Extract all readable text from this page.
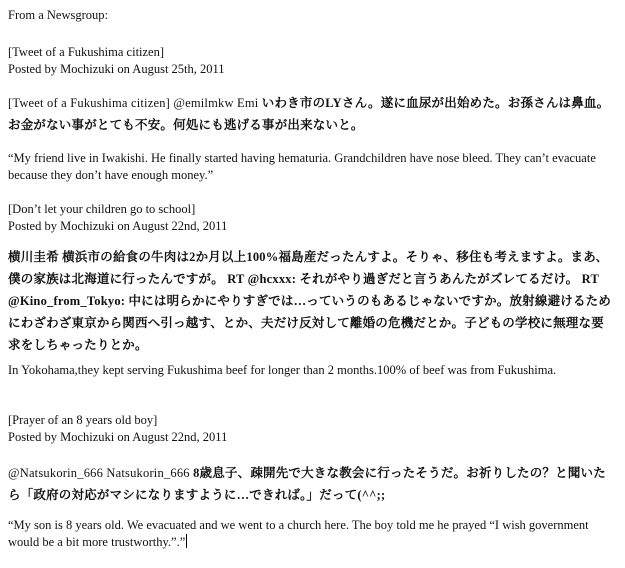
From a Newsgroup:

[Tweet of a Fukushima citizen]
Posted by Mochizuki on August 25th, 2011

[Tweet of a Fukushima citizen] @emilmkw Emi いわき市のLYさん。遂に血尿が出始めた。お孫さんは鼻血。お金がない事がとても不安。何処にも逃げる事が出来ないと。

“My friend live in Iwakishi. He finally started having hematuria. Grandchildren have nose bleed. They can’t evacuate because they don’t have enough money.”

[Don’t let your children go to school]
Posted by Mochizuki on August 22nd, 2011

横川圭希 横浜市の給食の牛肉は2か月以上100%福島産だったんすよ。そりゃ、移住も考えますよ。まあ、僕の家族は北海道に行ったんですが。 RT @hcxxx: それがやり過ぎだと言うあんたがズレてるだけ。 RT @Kino_from_Tokyo: 中には明らかにやりすぎでは…っていうのもあるじゃないですか。放射線避けるためにわざわざ東京から関西へ引っ越す、とか、夫だけ反対して離婚の危機だとか。子どもの学校に無理な要求をしちゃったりとか。

In Yokohama,they kept serving Fukushima beef for longer than 2 months.100% of beef was from Fukushima.

[Prayer of an 8 years old boy]
Posted by Mochizuki on August 22nd, 2011

@Natsukorin_666 Natsukorin_666 8歳息子、疎開先で大きな教会に行ったそうだ。お祈りしたの？と聞いたら「政府の対応がマシになりますように…できれば。」だって(^^;;

“My son is 8 years old. We evacuated and we went to a church here. The boy told me he prayed “I wish government would be a bit more trustworthy.”.”
